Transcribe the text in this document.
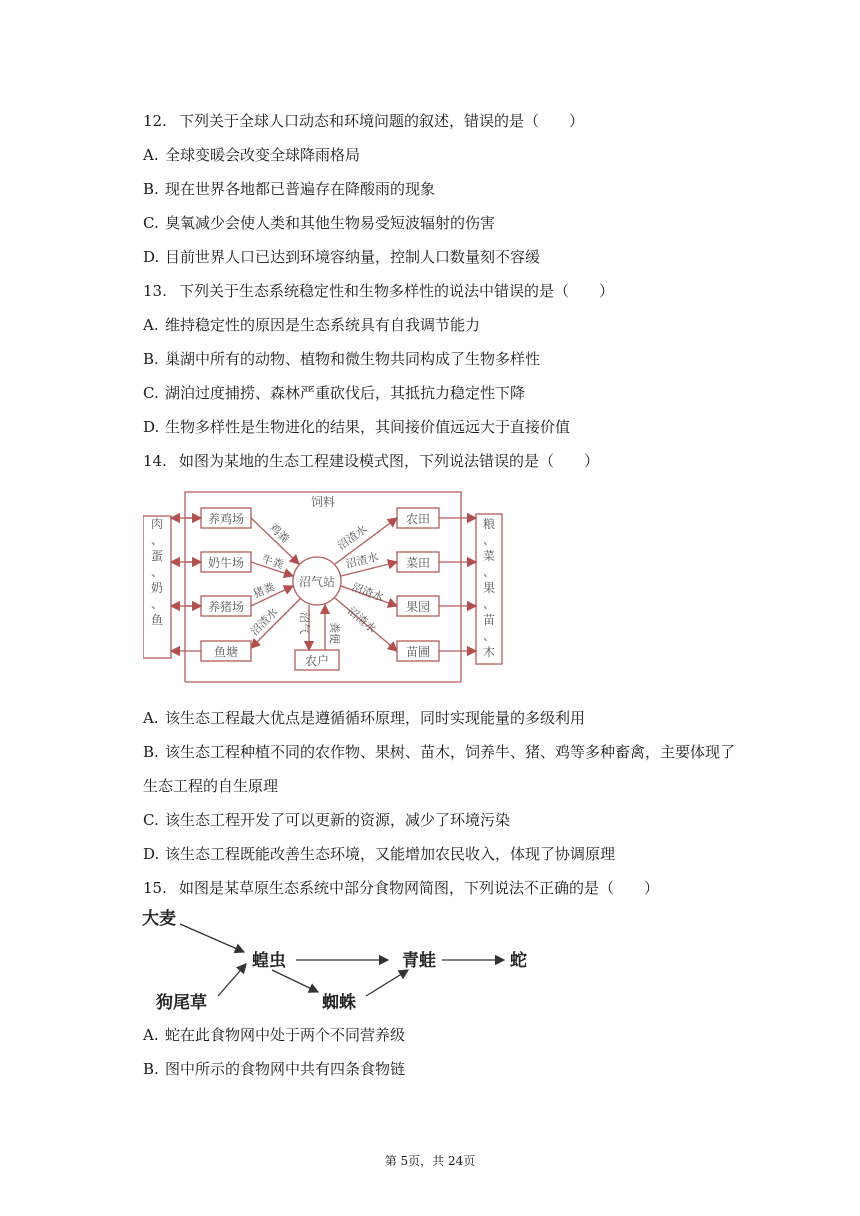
12. 下列关于全球人口动态和环境问题的叙述，错误的是（　　）
A. 全球变暖会改变全球降雨格局
B. 现在世界各地都已普遍存在降酸雨的现象
C. 臭氧减少会使人类和其他生物易受短波辐射的伤害
D. 目前世界人口已达到环境容纳量，控制人口数量刻不容缓
13. 下列关于生态系统稳定性和生物多样性的说法中错误的是（　　）
A. 维持稳定性的原因是生态系统具有自我调节能力
B. 巢湖中所有的动物、植物和微生物共同构成了生物多样性
C. 湖泊过度捕捞、森林严重砍伐后，其抵抗力稳定性下降
D. 生物多样性是生物进化的结果，其间接价值远远大于直接价值
14. 如图为某地的生态工程建设模式图，下列说法错误的是（　　）
肉
、
蛋
、
奶
、
鱼
粮
、
菜
、
果
、
苗
、
木
养鸡场
奶牛场
养猪场
鱼塘
农田
菜田
果园
苗圃
沼气站
农户
饲料
鸡粪
牛粪
猪粪
沼渣水 沼气 粪便
沼渣水
沼渣水
沼渣水
沼渣水
A. 该生态工程最大优点是遵循循环原理，同时实现能量的多级利用
B. 该生态工程种植不同的农作物、果树、苗木，饲养牛、猪、鸡等多种畜禽，主要体现了
生态工程的自生原理
C. 该生态工程开发了可以更新的资源，减少了环境污染
D. 该生态工程既能改善生态环境，又能增加农民收入，体现了协调原理
15. 如图是某草原生态系统中部分食物网简图，下列说法不正确的是（　　）
大麦
狗尾草
蝗虫
蜘蛛
青蛙	蛇
A. 蛇在此食物网中处于两个不同营养级
B. 图中所示的食物网中共有四条食物链
第 5页，共 24页
